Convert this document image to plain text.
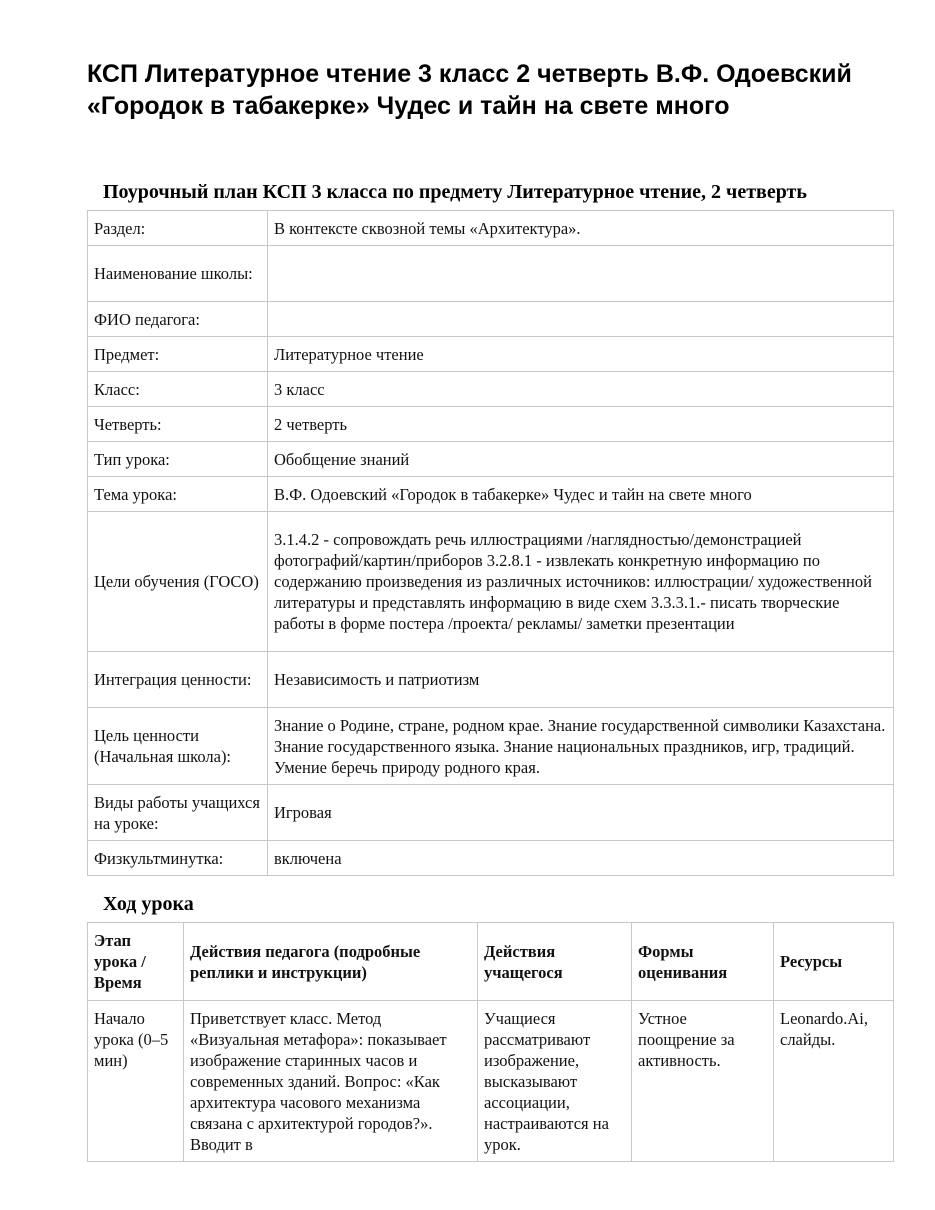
КСП Литературное чтение 3 класс 2 четверть В.Ф. Одоевский «Городок в табакерке» Чудес и тайн на свете много
Поурочный план КСП 3 класса по предмету Литературное чтение, 2 четверть
Раздел:	В контексте сквозной темы «Архитектура».
Наименование школы:	
ФИО педагога:	
Предмет:	Литературное чтение
Класс:	3 класс
Четверть:	2 четверть
Тип урока:	Обобщение знаний
Тема урока:	В.Ф. Одоевский «Городок в табакерке» Чудес и тайн на свете много
Цели обучения (ГОСО)	3.1.4.2 - сопровождать речь иллюстрациями /наглядностью/демонстрацией фотографий/картин/приборов 3.2.8.1 - извлекать конкретную информацию по содержанию произведения из различных источников: иллюстрации/ художественной литературы и представлять информацию в виде схем 3.3.3.1.- писать творческие работы в форме постера /проекта/ рекламы/ заметки презентации
Интеграция ценности:	Независимость и патриотизм
Цель ценности (Начальная школа):	Знание о Родине, стране, родном крае. Знание государственной символики Казахстана. Знание государственного языка. Знание национальных праздников, игр, традиций. Умение беречь природу родного края.
Виды работы учащихся на уроке:	Игровая
Физкультминутка:	включена
Ход урока
Этап урока / Время	Действия педагога (подробные реплики и инструкции)	Действия учащегося	Формы оценивания	Ресурсы

Начало урока (0–5 мин)	Приветствует класс. Метод «Визуальная метафора»: показывает изображение старинных часов и современных зданий. Вопрос: «Как архитектура часового механизма связана с архитектурой городов?». Вводит в	Учащиеся рассматривают изображение, высказывают ассоциации, настраиваются на урок.	Устное поощрение за активность.	Leonardo.Ai, слайды.
